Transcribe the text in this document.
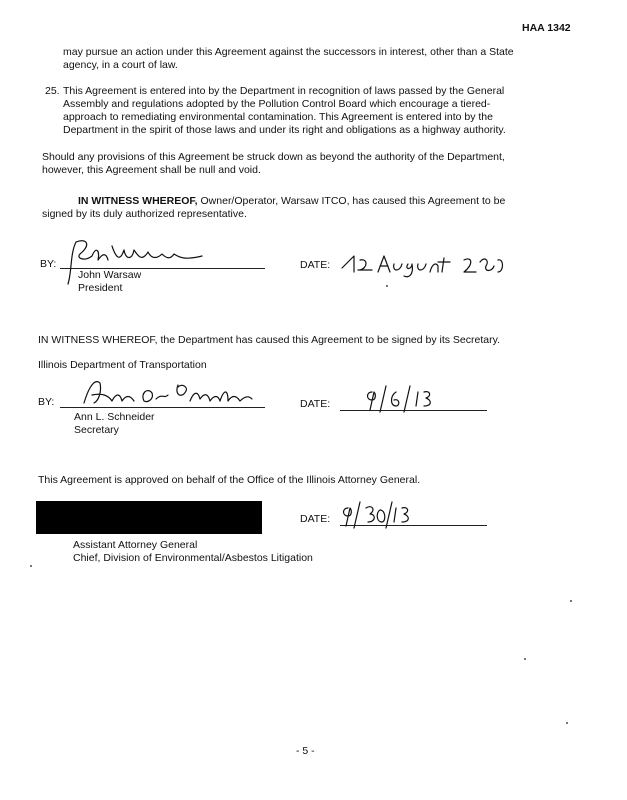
HAA 1342
may pursue an action under this Agreement against the successors in interest, other than a State
agency, in a court of law.
25. This Agreement is entered into by the Department in recognition of laws passed by the General
Assembly and regulations adopted by the Pollution Control Board which encourage a tiered-
approach to remediating environmental contamination. This Agreement is entered into by the
Department in the spirit of those laws and under its right and obligations as a highway authority.
Should any provisions of this Agreement be struck down as beyond the authority of the Department,
however, this Agreement shall be null and void.
IN WITNESS WHEREOF, Owner/Operator, Warsaw ITCO, has caused this Agreement to be
signed by its duly authorized representative.
BY:
John Warsaw
President
DATE:
IN WITNESS WHEREOF, the Department has caused this Agreement to be signed by its Secretary.
Illinois Department of Transportation
BY:
Ann L. Schneider
Secretary
DATE:
This Agreement is approved on behalf of the Office of the Illinois Attorney General.
DATE:
Assistant Attorney General
Chief, Division of Environmental/Asbestos Litigation
- 5 -
